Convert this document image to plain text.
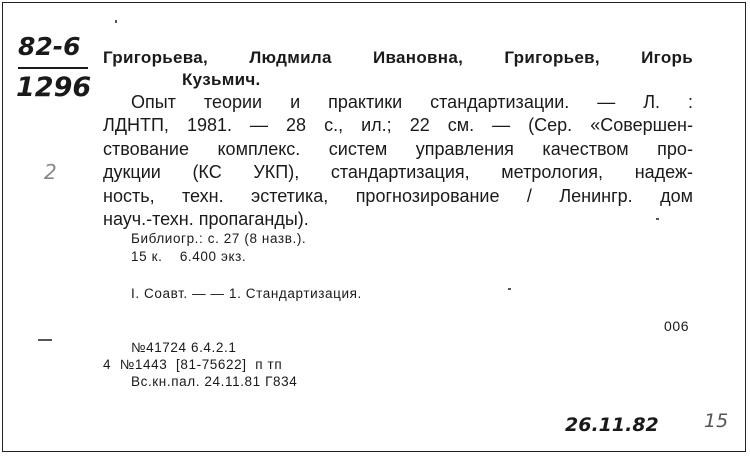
82-6
1296
2
Григорьева, Людмила Ивановна, Григорьев, Игорь
Кузьмич.
Опыт теории и практики стандартизации. — Л. :
ЛДНТП, 1981. — 28 с., ил.; 22 см. — (Сер. «Совершен-
ствование комплекс. систем управления качеством про-
дукции (КС УКП), стандартизация, метрология, надеж-
ность, техн. эстетика, прогнозирование / Ленингр. дом
науч.-техн. пропаганды).
Библиогр.: с. 27 (8 назв.).
15 к.    6.400 экз.
I. Соавт. — — 1. Стандартизация.
006
№41724 6.4.2.1
4  №1443  [81-75622]  п тп
Вс.кн.пал. 24.11.81 Г834
26.11.82 15
